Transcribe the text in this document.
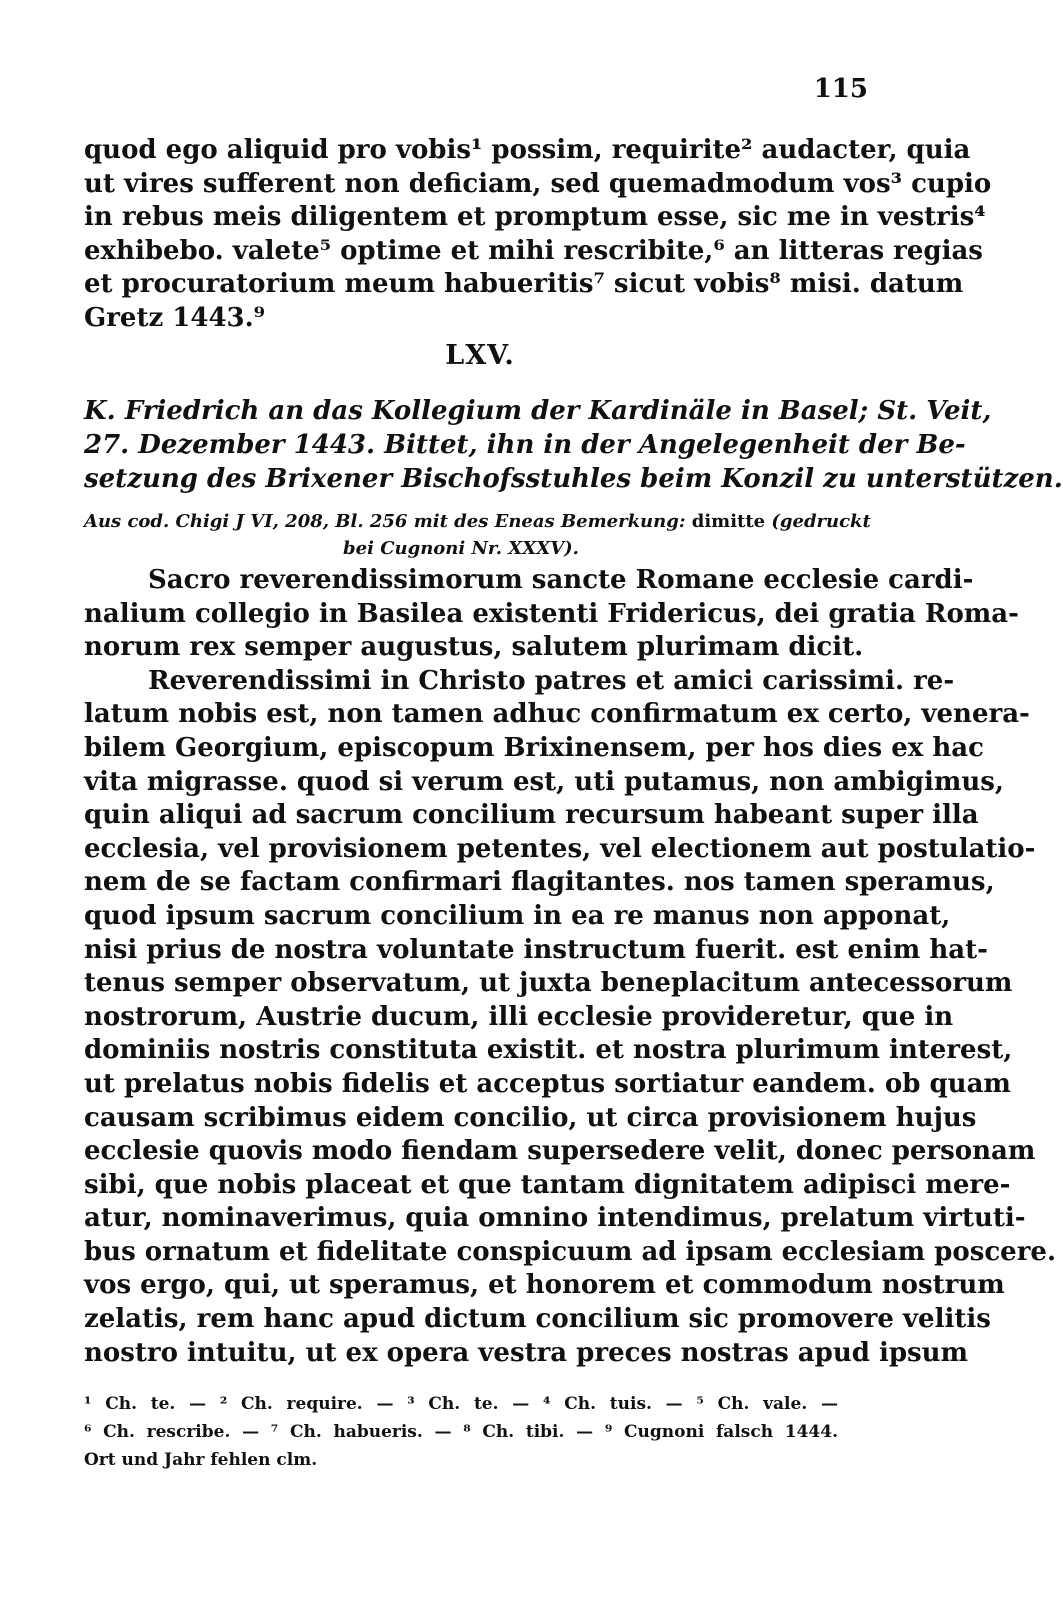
115
quod ego aliquid pro vobis¹ possim, requirite² audacter, quia
ut vires sufferent non deficiam, sed quemadmodum vos³ cupio
in rebus meis diligentem et promptum esse, sic me in vestris⁴
exhibebo. valete⁵ optime et mihi rescribite,⁶ an litteras regias
et procuratorium meum habueritis⁷ sicut vobis⁸ misi. datum
Gretz 1443.⁹
LXV.
K. Friedrich an das Kollegium der Kardinäle in Basel; St. Veit,
27. Dezember 1443. Bittet, ihn in der Angelegenheit der Be-
setzung des Brixener Bischofsstuhles beim Konzil zu unterstützen.
Aus cod. Chigi J VI, 208, Bl. 256 mit des Eneas Bemerkung: dimitte (gedruckt
bei Cugnoni Nr. XXXV).
Sacro reverendissimorum sancte Romane ecclesie cardi-
nalium collegio in Basilea existenti Fridericus, dei gratia Roma-
norum rex semper augustus, salutem plurimam dicit.
Reverendissimi in Christo patres et amici carissimi. re-
latum nobis est, non tamen adhuc confirmatum ex certo, venera-
bilem Georgium, episcopum Brixinensem, per hos dies ex hac
vita migrasse. quod si verum est, uti putamus, non ambigimus,
quin aliqui ad sacrum concilium recursum habeant super illa
ecclesia, vel provisionem petentes, vel electionem aut postulatio-
nem de se factam confirmari flagitantes. nos tamen speramus,
quod ipsum sacrum concilium in ea re manus non apponat,
nisi prius de nostra voluntate instructum fuerit. est enim hat-
tenus semper observatum, ut juxta beneplacitum antecessorum
nostrorum, Austrie ducum, illi ecclesie provideretur, que in
dominiis nostris constituta existit. et nostra plurimum interest,
ut prelatus nobis fidelis et acceptus sortiatur eandem. ob quam
causam scribimus eidem concilio, ut circa provisionem hujus
ecclesie quovis modo fiendam supersedere velit, donec personam
sibi, que nobis placeat et que tantam dignitatem adipisci mere-
atur, nominaverimus, quia omnino intendimus, prelatum virtuti-
bus ornatum et fidelitate conspicuum ad ipsam ecclesiam poscere.
vos ergo, qui, ut speramus, et honorem et commodum nostrum
zelatis, rem hanc apud dictum concilium sic promovere velitis
nostro intuitu, ut ex opera vestra preces nostras apud ipsum
¹ Ch. te. — ² Ch. require. — ³ Ch. te. — ⁴ Ch. tuis. — ⁵ Ch. vale. —
⁶ Ch. rescribe. — ⁷ Ch. habueris. — ⁸ Ch. tibi. — ⁹ Cugnoni falsch 1444.
Ort und Jahr fehlen clm.
